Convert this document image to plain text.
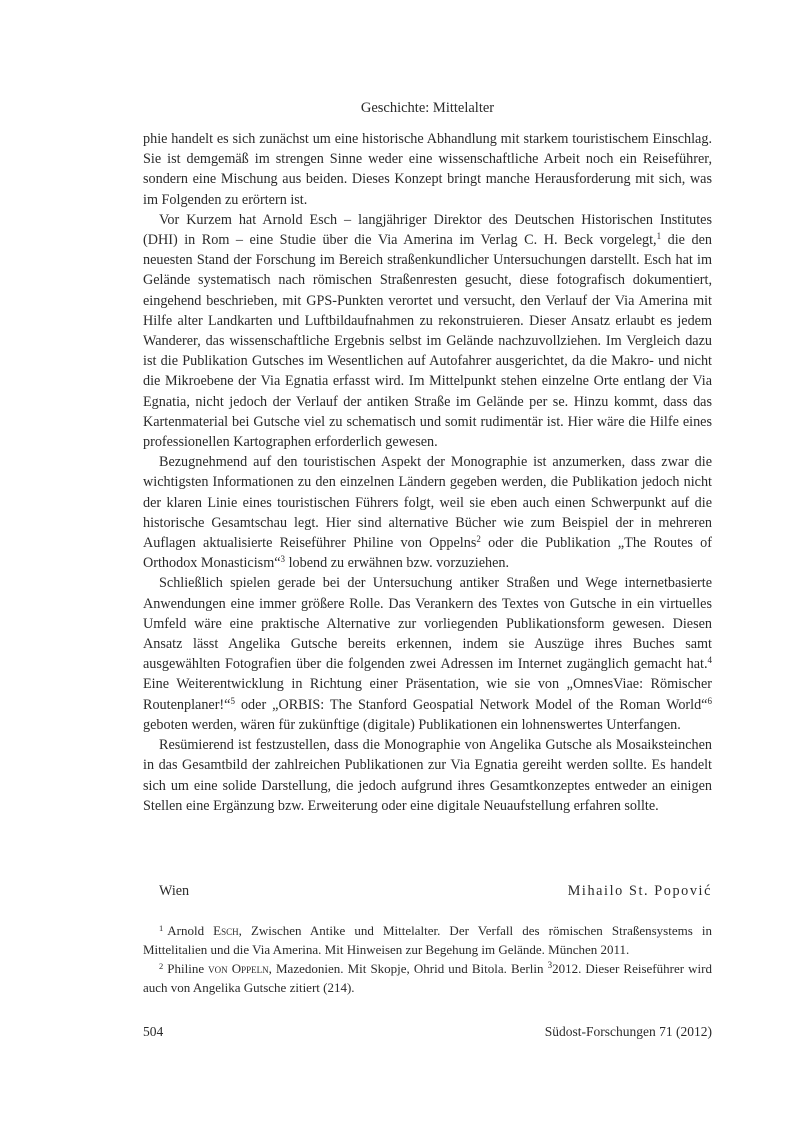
Geschichte: Mittelalter

phie handelt es sich zunächst um eine historische Abhandlung mit starkem touristischem Einschlag. Sie ist demgemäß im strengen Sinne weder eine wissenschaftliche Arbeit noch ein Reiseführer, sondern eine Mischung aus beiden. Dieses Konzept bringt manche Herausforderung mit sich, was im Folgenden zu erörtern ist.

Vor Kurzem hat Arnold Esch – langjähriger Direktor des Deutschen Historischen Institutes (DHI) in Rom – eine Studie über die Via Amerina im Verlag C. H. Beck vorgelegt,$^1$ die den neuesten Stand der Forschung im Bereich straßenkundlicher Untersuchungen darstellt. Esch hat im Gelände systematisch nach römischen Straßenresten gesucht, diese fotografisch dokumentiert, eingehend beschrieben, mit GPS-Punkten verortet und versucht, den Verlauf der Via Amerina mit Hilfe alter Landkarten und Luftbildaufnahmen zu rekonstruieren. Dieser Ansatz erlaubt es jedem Wanderer, das wissenschaftliche Ergebnis selbst im Gelände nachzuvollziehen. Im Vergleich dazu ist die Publikation Gutsches im Wesentlichen auf Autofahrer ausgerichtet, da die Makro- und nicht die Mikroebene der Via Egnatia erfasst wird. Im Mittelpunkt stehen einzelne Orte entlang der Via Egnatia, nicht jedoch der Verlauf der antiken Straße im Gelände per se. Hinzu kommt, dass das Kartenmaterial bei Gutsche viel zu schematisch und somit rudimentär ist. Hier wäre die Hilfe eines professionellen Kartographen erforderlich gewesen.

Bezugnehmend auf den touristischen Aspekt der Monographie ist anzumerken, dass zwar die wichtigsten Informationen zu den einzelnen Ländern gegeben werden, die Publikation jedoch nicht der klaren Linie eines touristischen Führers folgt, weil sie eben auch einen Schwerpunkt auf die historische Gesamtschau legt. Hier sind alternative Bücher wie zum Beispiel der in mehreren Auflagen aktualisierte Reiseführer Philine von Oppelns$^2$ oder die Publikation „The Routes of Orthodox Monasticism“$^3$ lobend zu erwähnen bzw. vorzuziehen.

Schließlich spielen gerade bei der Untersuchung antiker Straßen und Wege internetbasierte Anwendungen eine immer größere Rolle. Das Verankern des Textes von Gutsche in ein virtuelles Umfeld wäre eine praktische Alternative zur vorliegenden Publikationsform gewesen. Diesen Ansatz lässt Angelika Gutsche bereits erkennen, indem sie Auszüge ihres Buches samt ausgewählten Fotografien über die folgenden zwei Adressen im Internet zugänglich gemacht hat.$^4$ Eine Weiterentwicklung in Richtung einer Präsentation, wie sie von „OmnesViae: Römischer Routenplaner!“$^5$ oder „ORBIS: The Stanford Geospatial Network Model of the Roman World“$^6$ geboten werden, wären für zukünftige (digitale) Publikationen ein lohnenswertes Unterfangen.

Resümierend ist festzustellen, dass die Monographie von Angelika Gutsche als Mosaiksteinchen in das Gesamtbild der zahlreichen Publikationen zur Via Egnatia gereiht werden sollte. Es handelt sich um eine solide Darstellung, die jedoch aufgrund ihres Gesamtkonzeptes entweder an einigen Stellen eine Ergänzung bzw. Erweiterung oder eine digitale Neuaufstellung erfahren sollte.

Wien	Mihailo St. Popović

$^1$ Arnold Esch, Zwischen Antike und Mittelalter. Der Verfall des römischen Straßensystems in Mittelitalien und die Via Amerina. Mit Hinweisen zur Begehung im Gelände. München 2011.

$^2$ Philine von Oppeln, Mazedonien. Mit Skopje, Ohrid und Bitola. Berlin $^3$2012. Dieser Reiseführer wird auch von Angelika Gutsche zitiert (214).

504	Südost-Forschungen 71 (2012)
